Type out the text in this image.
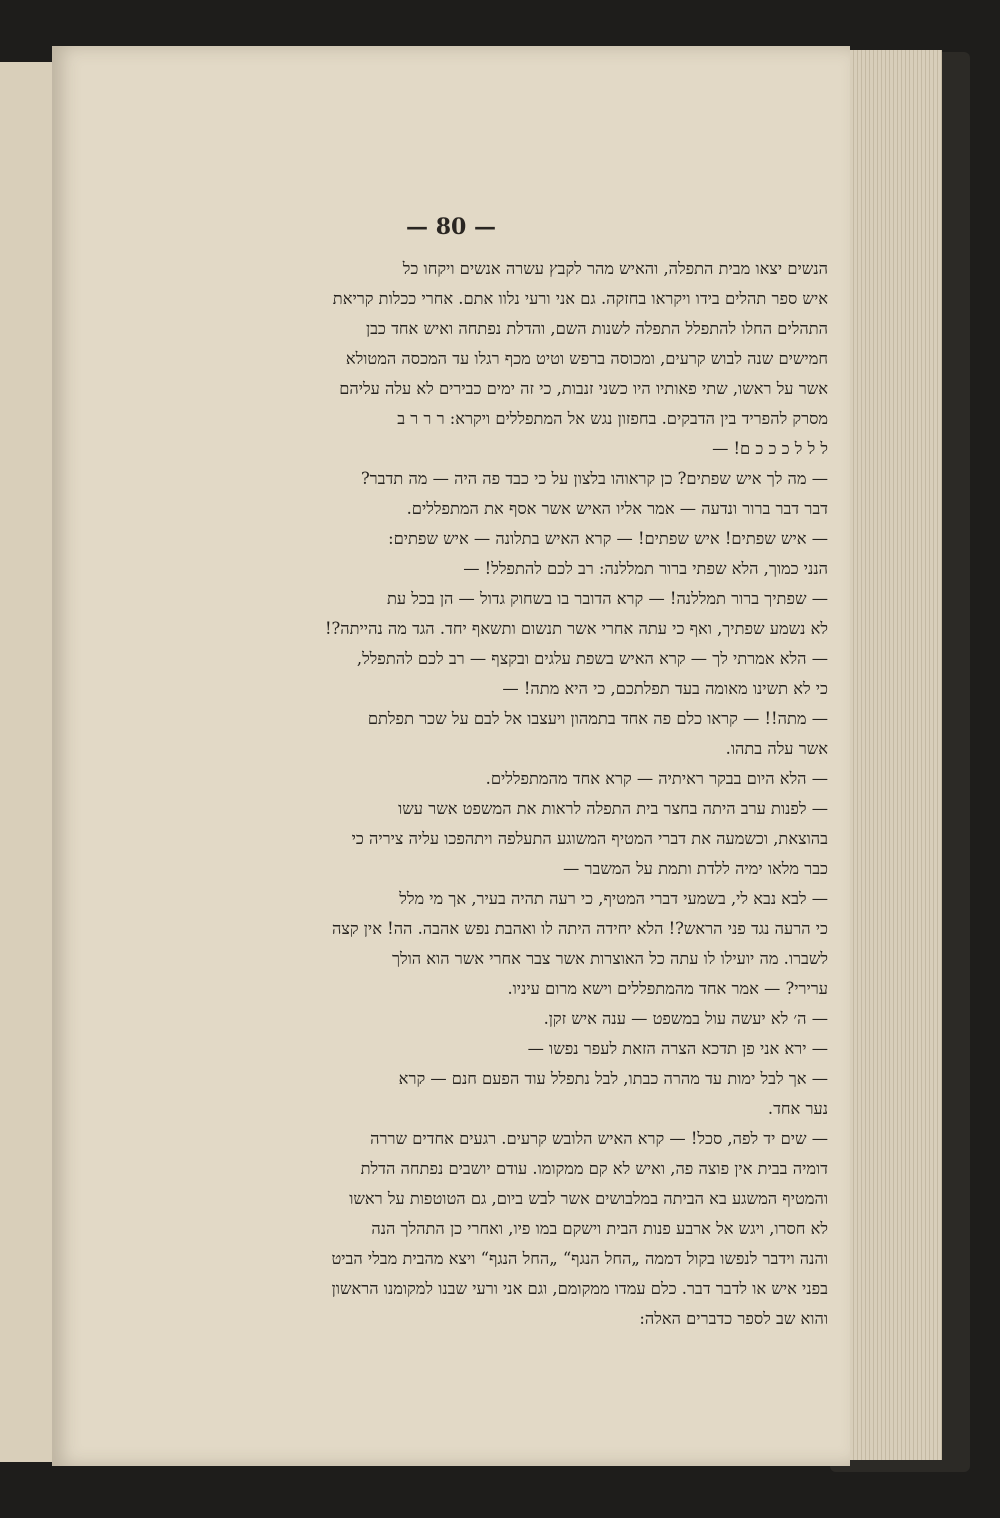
— 80 —
הנשים יצאו מבית התפלה, והאיש מהר לקבץ עשרה אנשים ויקחו כל
איש ספר תהלים בידו ויקראו בחזקה. גם אני ורעי נלוו אתם. אחרי ככלות קריאת
התהלים החלו להתפלל התפלה לשנות השם, והדלת נפתחה ואיש אחד כבן
חמישים שנה לבוש קרעים, ומכוסה ברפש וטיט מכף רגלו עד המכסה המטולא
אשר על ראשו, שתי פאותיו היו כשני זנבות, כי זה ימים כבירים לא עלה עליהם
מסרק להפריד בין הדבקים. בחפזון נגש אל המתפללים ויקרא: ר ר ר ב
ל ל ל כ כ כ ם! —
— מה לך איש שפתים? כן קראוהו בלצון על כי כבד פה היה — מה תדבר?
דבר דבר ברור ונדעה — אמר אליו האיש אשר אסף את המתפללים.
— איש שפתים! איש שפתים! — קרא האיש בתלונה — איש שפתים:
הנני כמוך, הלא שפתי ברור תמללנה: רב לכם להתפלל! —
— שפתיך ברור תמללנה! — קרא הדובר בו בשחוק גדול — הן בכל עת
לא נשמע שפתיך, ואף כי עתה אחרי אשר תנשום ותשאף יחד. הגד מה נהייתה?!
— הלא אמרתי לך — קרא האיש בשפת עלגים ובקצף — רב לכם להתפלל,
כי לא תשינו מאומה בעד תפלתכם, כי היא מתה! —
— מתה!! — קראו כלם פה אחד בתמהון ויעצבו אל לבם על שכר תפלתם
אשר עלה בתהו.
— הלא היום בבקר ראיתיה — קרא אחד מהמתפללים.
— לפנות ערב היתה בחצר בית התפלה לראות את המשפט אשר עשו
בהוצאת, וכשמעה את דברי המטיף המשוגע התעלפה ויתהפכו עליה ציריה כי
כבר מלאו ימיה ללדת ותמת על המשבר —
— לבא נבא לי, בשמעי דברי המטיף, כי רעה תהיה בעיר, אך מי מלל
כי הרעה נגד פני הראש?! הלא יחידה היתה לו ואהבת נפש אהבה. הה! אין קצה
לשברו. מה יועילו לו עתה כל האוצרות אשר צבר אחרי אשר הוא הולך
ערירי? — אמר אחד מהמתפללים וישא מרום עיניו.
— ה׳ לא יעשה עול במשפט — ענה איש זקן.
— ירא אני פן תדכא הצרה הזאת לעפר נפשו —
— אך לבל ימות עד מהרה כבתו, לבל נתפלל עוד הפעם חנם — קרא
נער אחד.
— שים יד לפה, סכל! — קרא האיש הלובש קרעים. רגעים אחדים שררה
דומיה בבית אין פוצה פה, ואיש לא קם ממקומו. עודם יושבים נפתחה הדלת
והמטיף המשגע בא הביתה במלבושים אשר לבש ביום, גם הטוטפות על ראשו
לא חסרו, ויגש אל ארבע פנות הבית וישקם במו פיו, ואחרי כן התהלך הנה
והנה וידבר לנפשו בקול דממה „החל הנגף“ „החל הנגף“ ויצא מהבית מבלי הביט
בפני איש או לדבר דבר. כלם עמדו ממקומם, וגם אני ורעי שבנו למקומנו הראשון
והוא שב לספר כדברים האלה:
